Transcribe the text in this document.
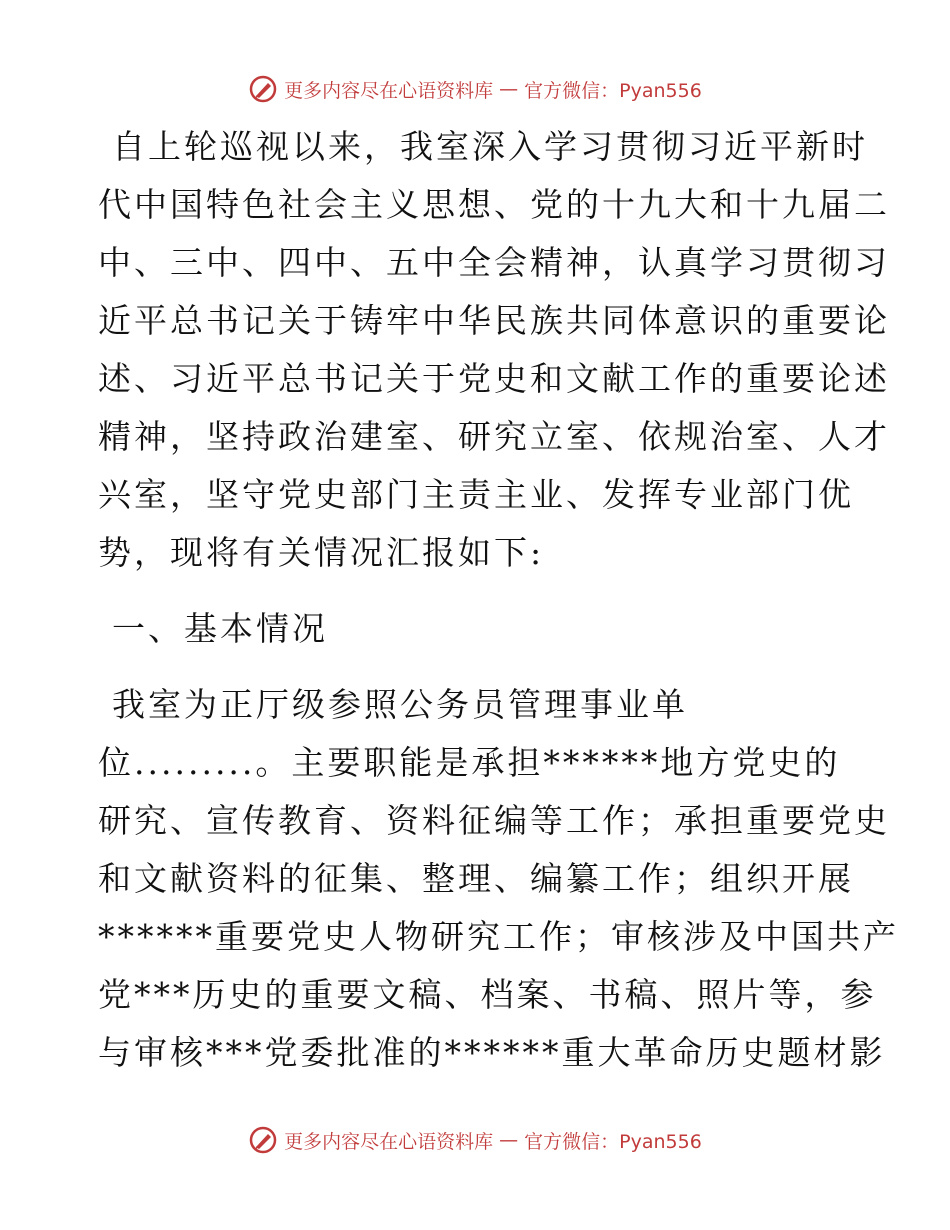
更多内容尽在心语资料库 — 官方微信：Pyan556
自上轮巡视以来，我室深入学习贯彻习近平新时
代中国特色社会主义思想、党的十九大和十九届二
中、三中、四中、五中全会精神，认真学习贯彻习
近平总书记关于铸牢中华民族共同体意识的重要论
述、习近平总书记关于党史和文献工作的重要论述
精神，坚持政治建室、研究立室、依规治室、人才
兴室，坚守党史部门主责主业、发挥专业部门优
势，现将有关情况汇报如下:
一、基本情况
我室为正厅级参照公务员管理事业单
位.........。主要职能是承担******地方党史的
研究、宣传教育、资料征编等工作；承担重要党史
和文献资料的征集、整理、编纂工作；组织开展
******重要党史人物研究工作；审核涉及中国共产
党***历史的重要文稿、档案、书稿、照片等，参
与审核***党委批准的******重大革命历史题材影
更多内容尽在心语资料库 — 官方微信：Pyan556
